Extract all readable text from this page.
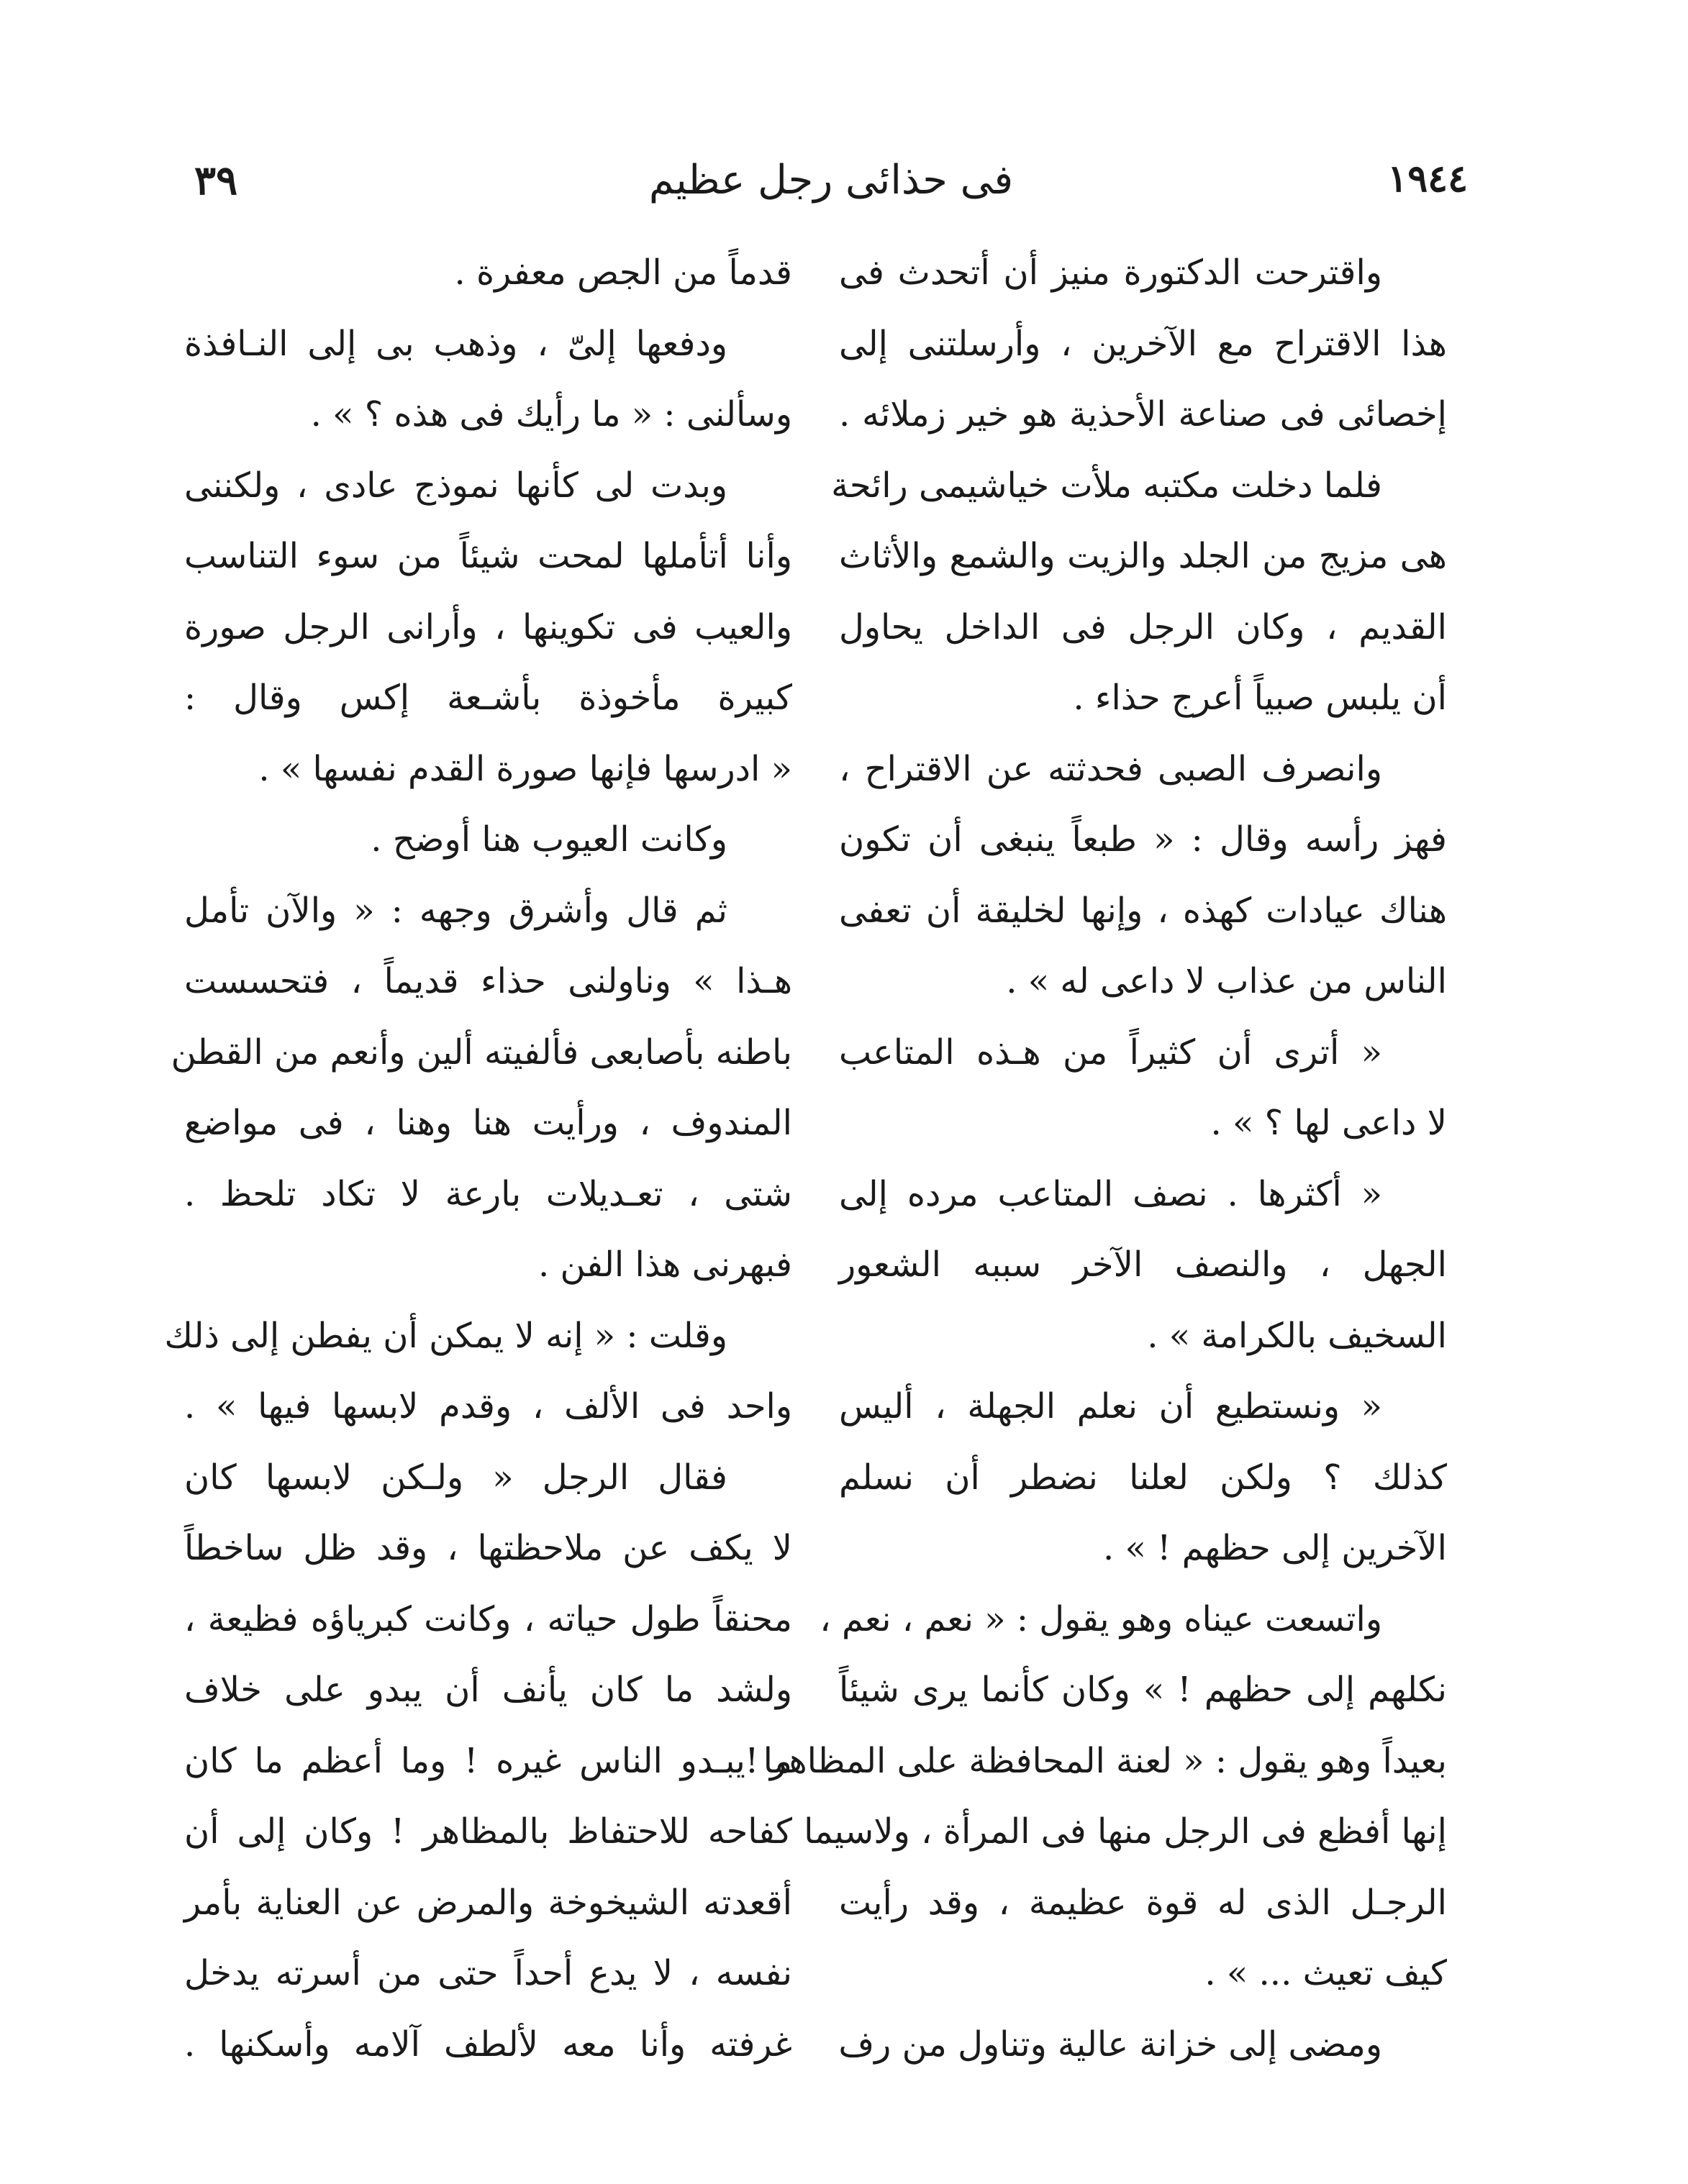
١٩٤٤
فى حذائى رجل عظيم
٣٩
واقترحت الدكتورة منيز أن أتحدث فى
هذا الاقتراح مع الآخرين ، وأرسلتنى إلى
إخصائى فى صناعة الأحذية هو خير زملائه .
فلما دخلت مكتبه ملأت خياشيمى رائحة
هى مزيج من الجلد والزيت والشمع والأثاث
القديم ، وكان الرجل فى الداخل يحاول
أن يلبس صبياً أعرج حذاء .
وانصرف الصبى فحدثته عن الاقتراح ،
فهز رأسه وقال : « طبعاً ينبغى أن تكون
هناك عيادات كهذه ، وإنها لخليقة أن تعفى
الناس من عذاب لا داعى له » .
« أترى أن كثيراً من هـذه المتاعب
لا داعى لها ؟ » .
« أكثرها . نصف المتاعب مرده إلى
الجهل ، والنصف الآخر سببه الشعور
السخيف بالكرامة » .
« ونستطيع أن نعلم الجهلة ، أليس
كذلك ؟ ولكن لعلنا نضطر أن نسلم
الآخرين إلى حظهم ! » .
واتسعت عيناه وهو يقول : « نعم ، نعم ،
نكلهم إلى حظهم ! » وكان كأنما يرى شيئاً
بعيداً وهو يقول : « لعنة المحافظة على المظاهر !
إنها أفظع فى الرجل منها فى المرأة ، ولاسيما
الرجـل الذى له قوة عظيمة ، وقد رأيت
كيف تعيث ... » .
ومضى إلى خزانة عالية وتناول من رف
قدماً من الجص معفرة .
ودفعها إلىّ ، وذهب بى إلى النـافذة
وسألنى : « ما رأيك فى هذه ؟ » .
وبدت لى كأنها نموذج عادى ، ولكننى
وأنا أتأملها لمحت شيئاً من سوء التناسب
والعيب فى تكوينها ، وأرانى الرجل صورة
كبيرة مأخوذة بأشـعة إكس وقال :
« ادرسها فإنها صورة القدم نفسها » .
وكانت العيوب هنا أوضح .
ثم قال وأشرق وجهه : « والآن تأمل
هـذا » وناولنى حذاء قديماً ، فتحسست
باطنه بأصابعى فألفيته ألين وأنعم من القطن
المندوف ، ورأيت هنا وهنا ، فى مواضع
شتى ، تعـديلات بارعة لا تكاد تلحظ .
فبهرنى هذا الفن .
وقلت : « إنه لا يمكن أن يفطن إلى ذلك
واحد فى الألف ، وقدم لابسها فيها » .
فقال الرجل « ولـكن لابسها كان
لا يكف عن ملاحظتها ، وقد ظل ساخطاً
محنقاً طول حياته ، وكانت كبرياؤه فظيعة ،
ولشد ما كان يأنف أن يبدو على خلاف
ما يبـدو الناس غيره ! وما أعظم ما كان
كفاحه للاحتفاظ بالمظاهر ! وكان إلى أن
أقعدته الشيخوخة والمرض عن العناية بأمر
نفسه ، لا يدع أحداً حتى من أسرته يدخل
غرفته وأنا معه لألطف آلامه وأسكنها .
